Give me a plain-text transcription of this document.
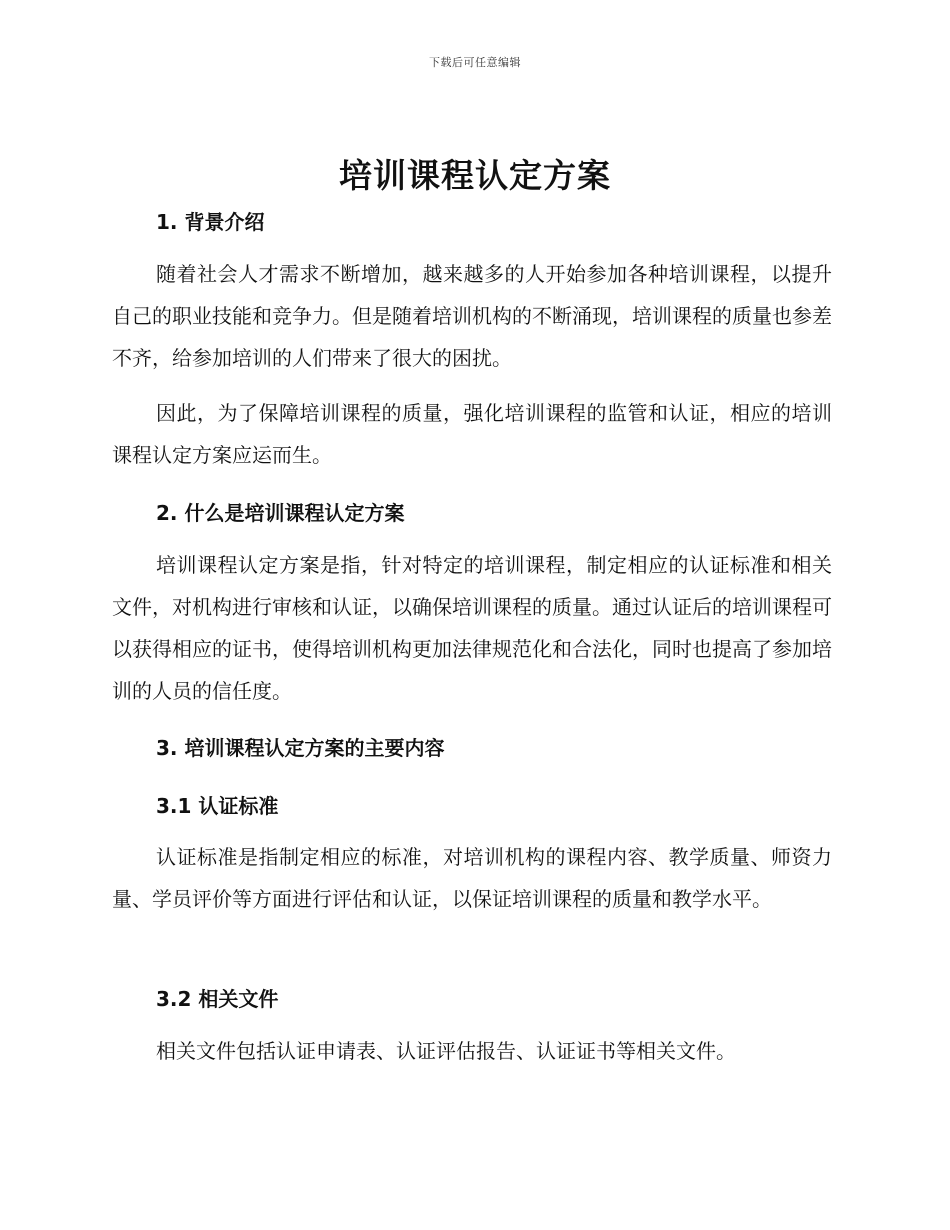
下载后可任意编辑
培训课程认定方案
1. 背景介绍

随着社会人才需求不断增加，越来越多的人开始参加各种培训课程，以提升自己的职业技能和竞争力。但是随着培训机构的不断涌现，培训课程的质量也参差不齐，给参加培训的人们带来了很大的困扰。

因此，为了保障培训课程的质量，强化培训课程的监管和认证，相应的培训课程认定方案应运而生。

2. 什么是培训课程认定方案

培训课程认定方案是指，针对特定的培训课程，制定相应的认证标准和相关文件，对机构进行审核和认证，以确保培训课程的质量。通过认证后的培训课程可以获得相应的证书，使得培训机构更加法律规范化和合法化，同时也提高了参加培训的人员的信任度。

3. 培训课程认定方案的主要内容
3.1 认证标准

认证标准是指制定相应的标准，对培训机构的课程内容、教学质量、师资力量、学员评价等方面进行评估和认证，以保证培训课程的质量和教学水平。

3.2 相关文件

相关文件包括认证申请表、认证评估报告、认证证书等相关文件。
